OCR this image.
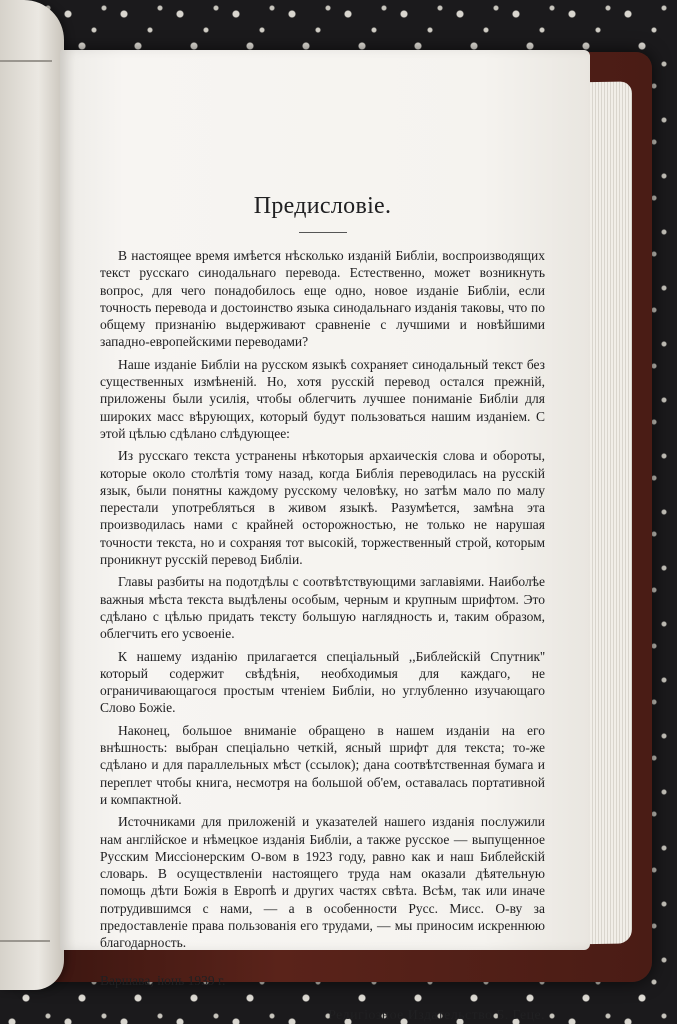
Предисловіе.

В настоящее время имѣется нѣсколько изданій Библіи, воспроизводящих текст русскаго синодальнаго перевода. Естественно, может возникнуть вопрос, для чего понадобилось еще одно, новое изданіе Библіи, если точность перевода и достоинство языка синодальнаго изданія таковы, что по общему признанію выдерживают сравненіе с лучшими и новѣйшими западно-европейскими переводами?

Наше изданіе Библіи на русском языкѣ сохраняет синодальный текст без существенных измѣненій. Но, хотя русскій перевод остался прежній, приложены были усилія, чтобы облегчить лучшее пониманіе Библіи для широких масс вѣрующих, который будут пользоваться нашим изданіем. С этой цѣлью сдѣлано слѣдующее:

Из русскаго текста устранены нѣкоторыя архаическія слова и обороты, которые около столѣтія тому назад, когда Библія переводилась на русскій язык, были понятны каждому русскому человѣку, но затѣм мало по малу перестали употребляться в живом языкѣ. Разумѣется, замѣна эта производилась нами с крайней осторожностью, не только не нарушая точности текста, но и сохраняя тот высокій, торжественный строй, которым проникнут русскій перевод Библіи.

Главы разбиты на подотдѣлы с соотвѣтствующими заглавіями. Наиболѣе важныя мѣста текста выдѣлены особым, черным и крупным шрифтом. Это сдѣлано с цѣлью придать тексту большую наглядность и, таким образом, облегчить его усвоеніе.

К нашему изданію прилагается спеціальный ,,Библейскій Спутник'' который содержит свѣдѣнія, необходимыя для каждаго, не ограничивающагося простым чтеніем Библіи, но углубленно изучающаго Слово Божіе.

Наконец, большое вниманіе обращено в нашем изданіи на его внѣшность: выбран спеціально четкій, ясный шрифт для текста; то-же сдѣлано и для параллельных мѣст (ссылок); дана соотвѣтственная бумага и переплет чтобы книга, несмотря на большой об'ем, оставалась портативной и компактной.

Источниками для приложеній и указателей нашего изданія послужили нам англійское и нѣмецкое изданія Библіи, а также русское — выпущенное Русским Миссіонерским О-вом в 1923 году, равно как и наш Библейскій словарь. В осуществленіи настоящего труда нам оказали дѣятельную помощь дѣти Божія в Европѣ и других частях свѣта. Всѣм, так или иначе потрудившимся с нами, — а в особенности Русс. Мисс. О-ву за предоставленіе права пользованія его трудами, — мы приносим искреннюю благодарность.

Варшава, іюнь 1939 г.

Религіозное Издательство Б. Геце.
